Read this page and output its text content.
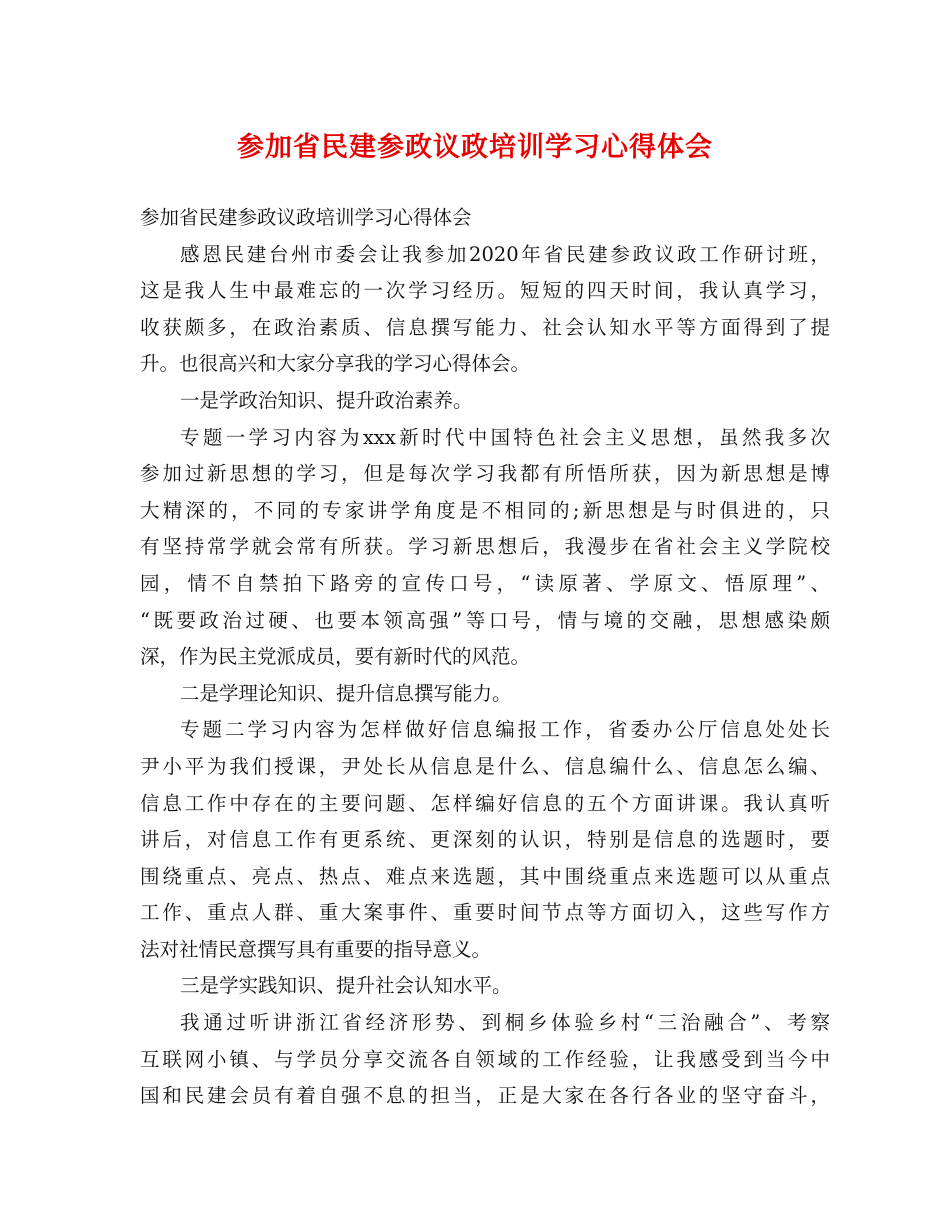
参加省民建参政议政培训学习心得体会
参加省民建参政议政培训学习心得体会
感恩民建台州市委会让我参加2020年省民建参政议政工作研讨班，
这是我人生中最难忘的一次学习经历。短短的四天时间，我认真学习，
收获颇多，在政治素质、信息撰写能力、社会认知水平等方面得到了提
升。也很高兴和大家分享我的学习心得体会。
一是学政治知识、提升政治素养。
专题一学习内容为xxx新时代中国特色社会主义思想，虽然我多次
参加过新思想的学习，但是每次学习我都有所悟所获，因为新思想是博
大精深的，不同的专家讲学角度是不相同的;新思想是与时俱进的，只
有坚持常学就会常有所获。学习新思想后，我漫步在省社会主义学院校
园，情不自禁拍下路旁的宣传口号，“读原著、学原文、悟原理”、
“既要政治过硬、也要本领高强”等口号，情与境的交融，思想感染颇
深，作为民主党派成员，要有新时代的风范。
二是学理论知识、提升信息撰写能力。
专题二学习内容为怎样做好信息编报工作，省委办公厅信息处处长
尹小平为我们授课，尹处长从信息是什么、信息编什么、信息怎么编、
信息工作中存在的主要问题、怎样编好信息的五个方面讲课。我认真听
讲后，对信息工作有更系统、更深刻的认识，特别是信息的选题时，要
围绕重点、亮点、热点、难点来选题，其中围绕重点来选题可以从重点
工作、重点人群、重大案事件、重要时间节点等方面切入，这些写作方
法对社情民意撰写具有重要的指导意义。
三是学实践知识、提升社会认知水平。
我通过听讲浙江省经济形势、到桐乡体验乡村“三治融合”、考察
互联网小镇、与学员分享交流各自领域的工作经验，让我感受到当今中
国和民建会员有着自强不息的担当，正是大家在各行各业的坚守奋斗，
